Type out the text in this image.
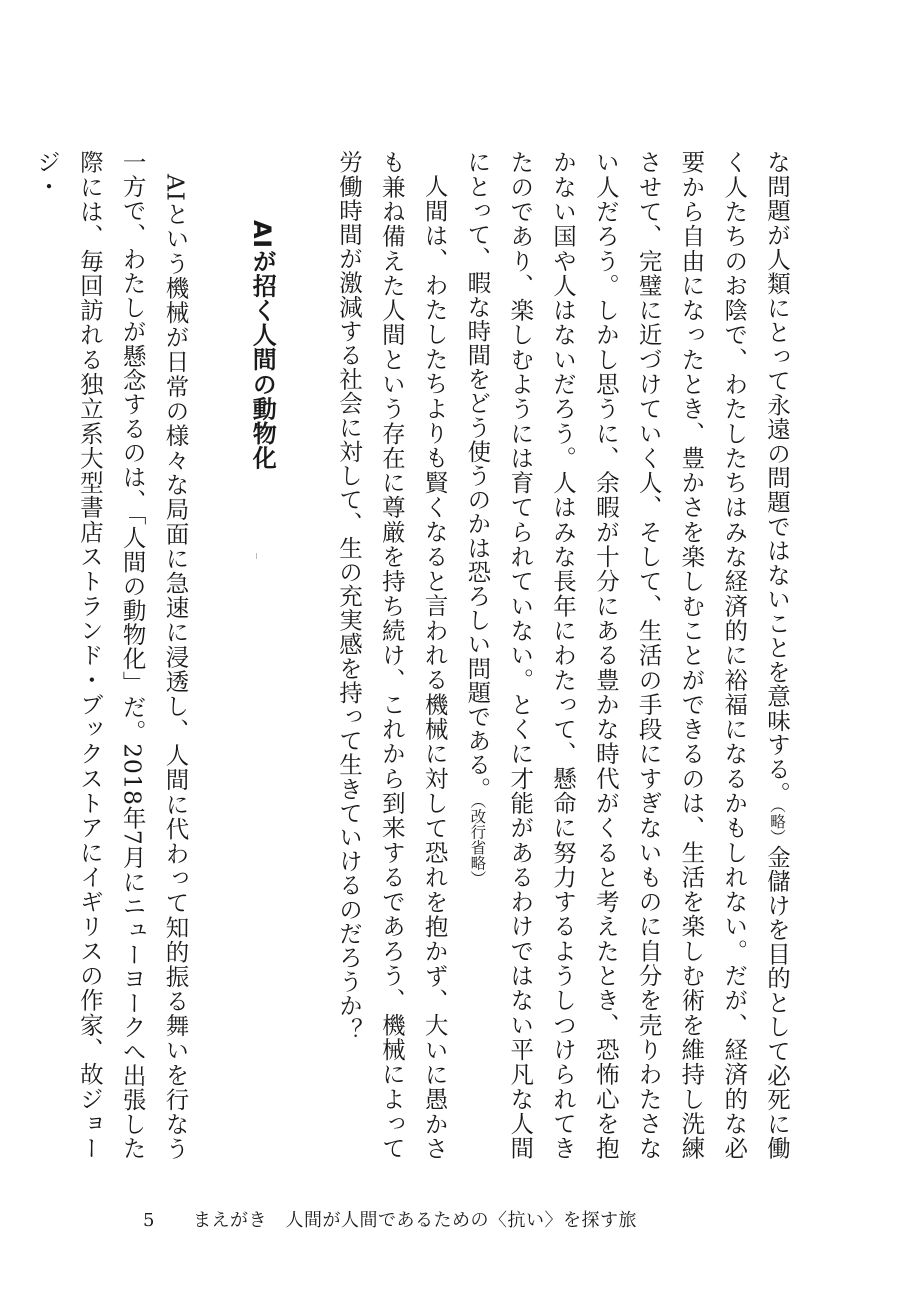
な問題が人類にとって永遠の問題ではないことを意味する。（略）金儲けを目的として必死に働く人たちのお陰で、わたしたちはみな経済的に裕福になるかもしれない。だが、経済的な必要から自由になったとき、豊かさを楽しむことができるのは、生活を楽しむ術を維持し洗練させて、完璧に近づけていく人、そして、生活の手段にすぎないものに自分を売りわたさない人だろう。しかし思うに、余暇が十分にある豊かな時代がくると考えたとき、恐怖心を抱かない国や人はないだろう。人はみな長年にわたって、懸命に努力するようしつけられてきたのであり、楽しむようには育てられていない。とくに才能があるわけではない平凡な人間にとって、暇な時間をどう使うのかは恐ろしい問題である。（改行省略）

人間は、わたしたちよりも賢くなると言われる機械に対して恐れを抱かず、大いに愚かさも兼ね備えた人間という存在に尊厳を持ち続け、これから到来するであろう、機械によって労働時間が激減する社会に対して、生の充実感を持って生きていけるのだろうか？

AIが招く人間の動物化

AIという機械が日常の様々な局面に急速に浸透し、人間に代わって知的振る舞いを行なう一方で、わたしが懸念するのは、「人間の動物化」だ。2018年7月にニューヨークへ出張した際には、毎回訪れる独立系大型書店ストランド・ブックストアにイギリスの作家、故ジョージ・

5 まえがき　人間が人間であるための〈抗い〉を探す旅
